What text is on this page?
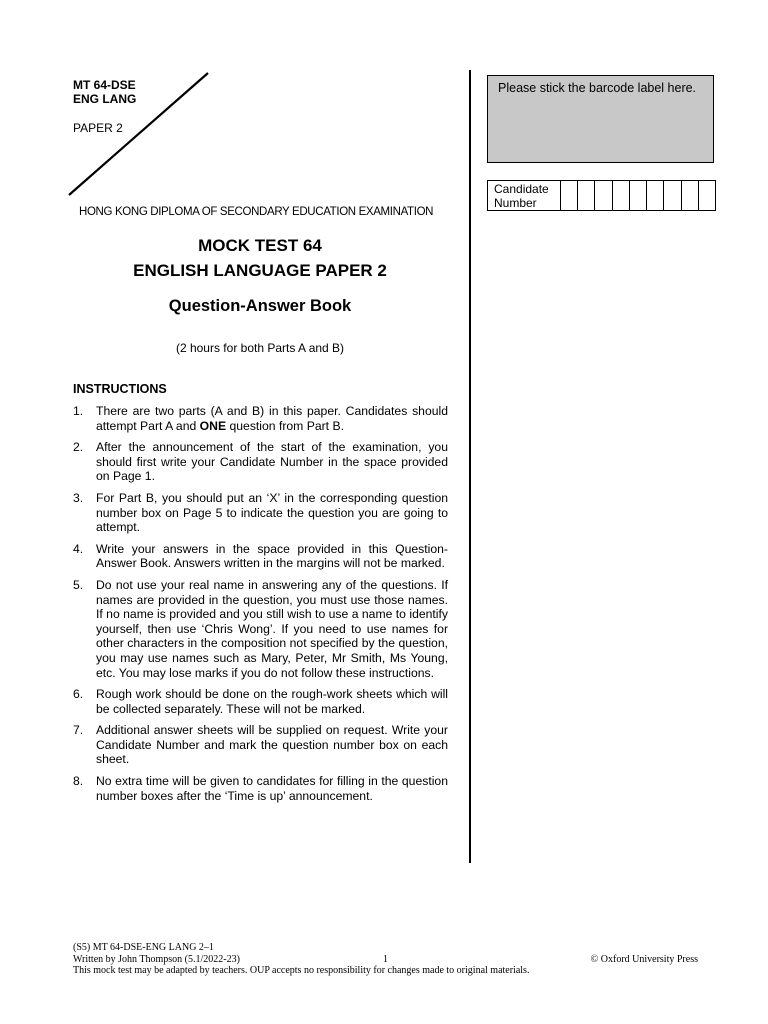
MT 64-DSE
ENG LANG
PAPER 2
HONG KONG DIPLOMA OF SECONDARY EDUCATION EXAMINATION
MOCK TEST 64
ENGLISH LANGUAGE PAPER 2
Question-Answer Book
(2 hours for both Parts A and B)
INSTRUCTIONS
1.	There are two parts (A and B) in this paper. Candidates should attempt Part A and ONE question from Part B.
2.	After the announcement of the start of the examination, you should first write your Candidate Number in the space provided on Page 1.
3.	For Part B, you should put an ‘X’ in the corresponding question number box on Page 5 to indicate the question you are going to attempt.
4.	Write your answers in the space provided in this Question-Answer Book. Answers written in the margins will not be marked.
5.	Do not use your real name in answering any of the questions. If names are provided in the question, you must use those names. If no name is provided and you still wish to use a name to identify yourself, then use ‘Chris Wong’. If you need to use names for other characters in the composition not specified by the question, you may use names such as Mary, Peter, Mr Smith, Ms Young, etc. You may lose marks if you do not follow these instructions.
6.	Rough work should be done on the rough-work sheets which will be collected separately. These will not be marked.
7.	Additional answer sheets will be supplied on request. Write your Candidate Number and mark the question number box on each sheet.
8.	No extra time will be given to candidates for filling in the question number boxes after the ‘Time is up’ announcement.
Please stick the barcode label here.
Candidate
Number
(S5) MT 64-DSE-ENG LANG 2–1
Written by John Thompson (5.1/2022-23)	1	© Oxford University Press
This mock test may be adapted by teachers. OUP accepts no responsibility for changes made to original materials.
